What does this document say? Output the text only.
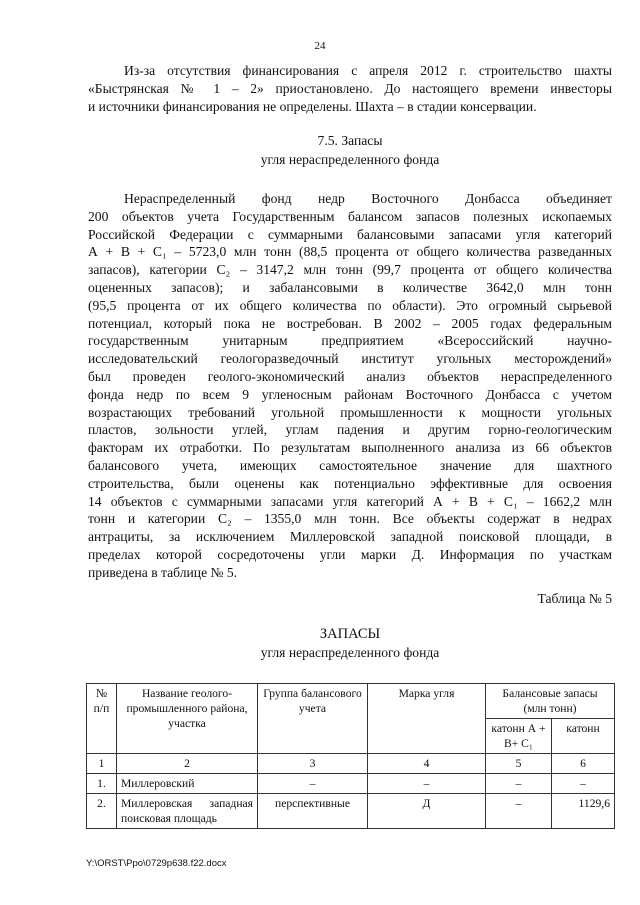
24
Из-за отсутствия финансирования с апреля 2012 г. строительство шахты
«Быстрянская № 1 – 2» приостановлено. До настоящего времени инвесторы
и источники финансирования не определены. Шахта – в стадии консервации.
7.5. Запасы
угля нераспределенного фонда
Нераспределенный фонд недр Восточного Донбасса объединяет
200 объектов учета Государственным балансом запасов полезных ископаемых
Российской Федерации с суммарными балансовыми запасами угля категорий
А + В + С₁ – 5723,0 млн тонн (88,5 процента от общего количества разведанных
запасов), категории С₂ – 3147,2 млн тонн (99,7 процента от общего количества
оцененных запасов); и забалансовыми в количестве 3642,0 млн тонн
(95,5 процента от их общего количества по области). Это огромный сырьевой
потенциал, который пока не востребован. В 2002 – 2005 годах федеральным
государственным унитарным предприятием «Всероссийский научно-
исследовательский геологоразведочный институт угольных месторождений»
был проведен геолого-экономический анализ объектов нераспределенного
фонда недр по всем 9 угленосным районам Восточного Донбасса с учетом
возрастающих требований угольной промышленности к мощности угольных
пластов, зольности углей, углам падения и другим горно-геологическим
факторам их отработки. По результатам выполненного анализа из 66 объектов
балансового учета, имеющих самостоятельное значение для шахтного
строительства, были оценены как потенциально эффективные для освоения
14 объектов с суммарными запасами угля категорий А + В + С₁ – 1662,2 млн
тонн и категории С₂ – 1355,0 млн тонн. Все объекты содержат в недрах
антрациты, за исключением Миллеровской западной поисковой площади, в
пределах которой сосредоточены угли марки Д. Информация по участкам
приведена в таблице № 5.
Таблица № 5
ЗАПАСЫ
угля нераспределенного фонда
№ п/п	Название геолого-промышленного района, участка	Группа балансового учета	Марка угля	Балансовые запасы (млн тонн)	
				катонн А + В+ С₁	катонн
1	2	3	4	5	6
1.	Миллеровский	–	–	–	–
2.	Миллеровская западная поисковая площадь	перспективные	Д	–	1129,6
Y:\ORST\Ppo\0729p638.f22.docx
